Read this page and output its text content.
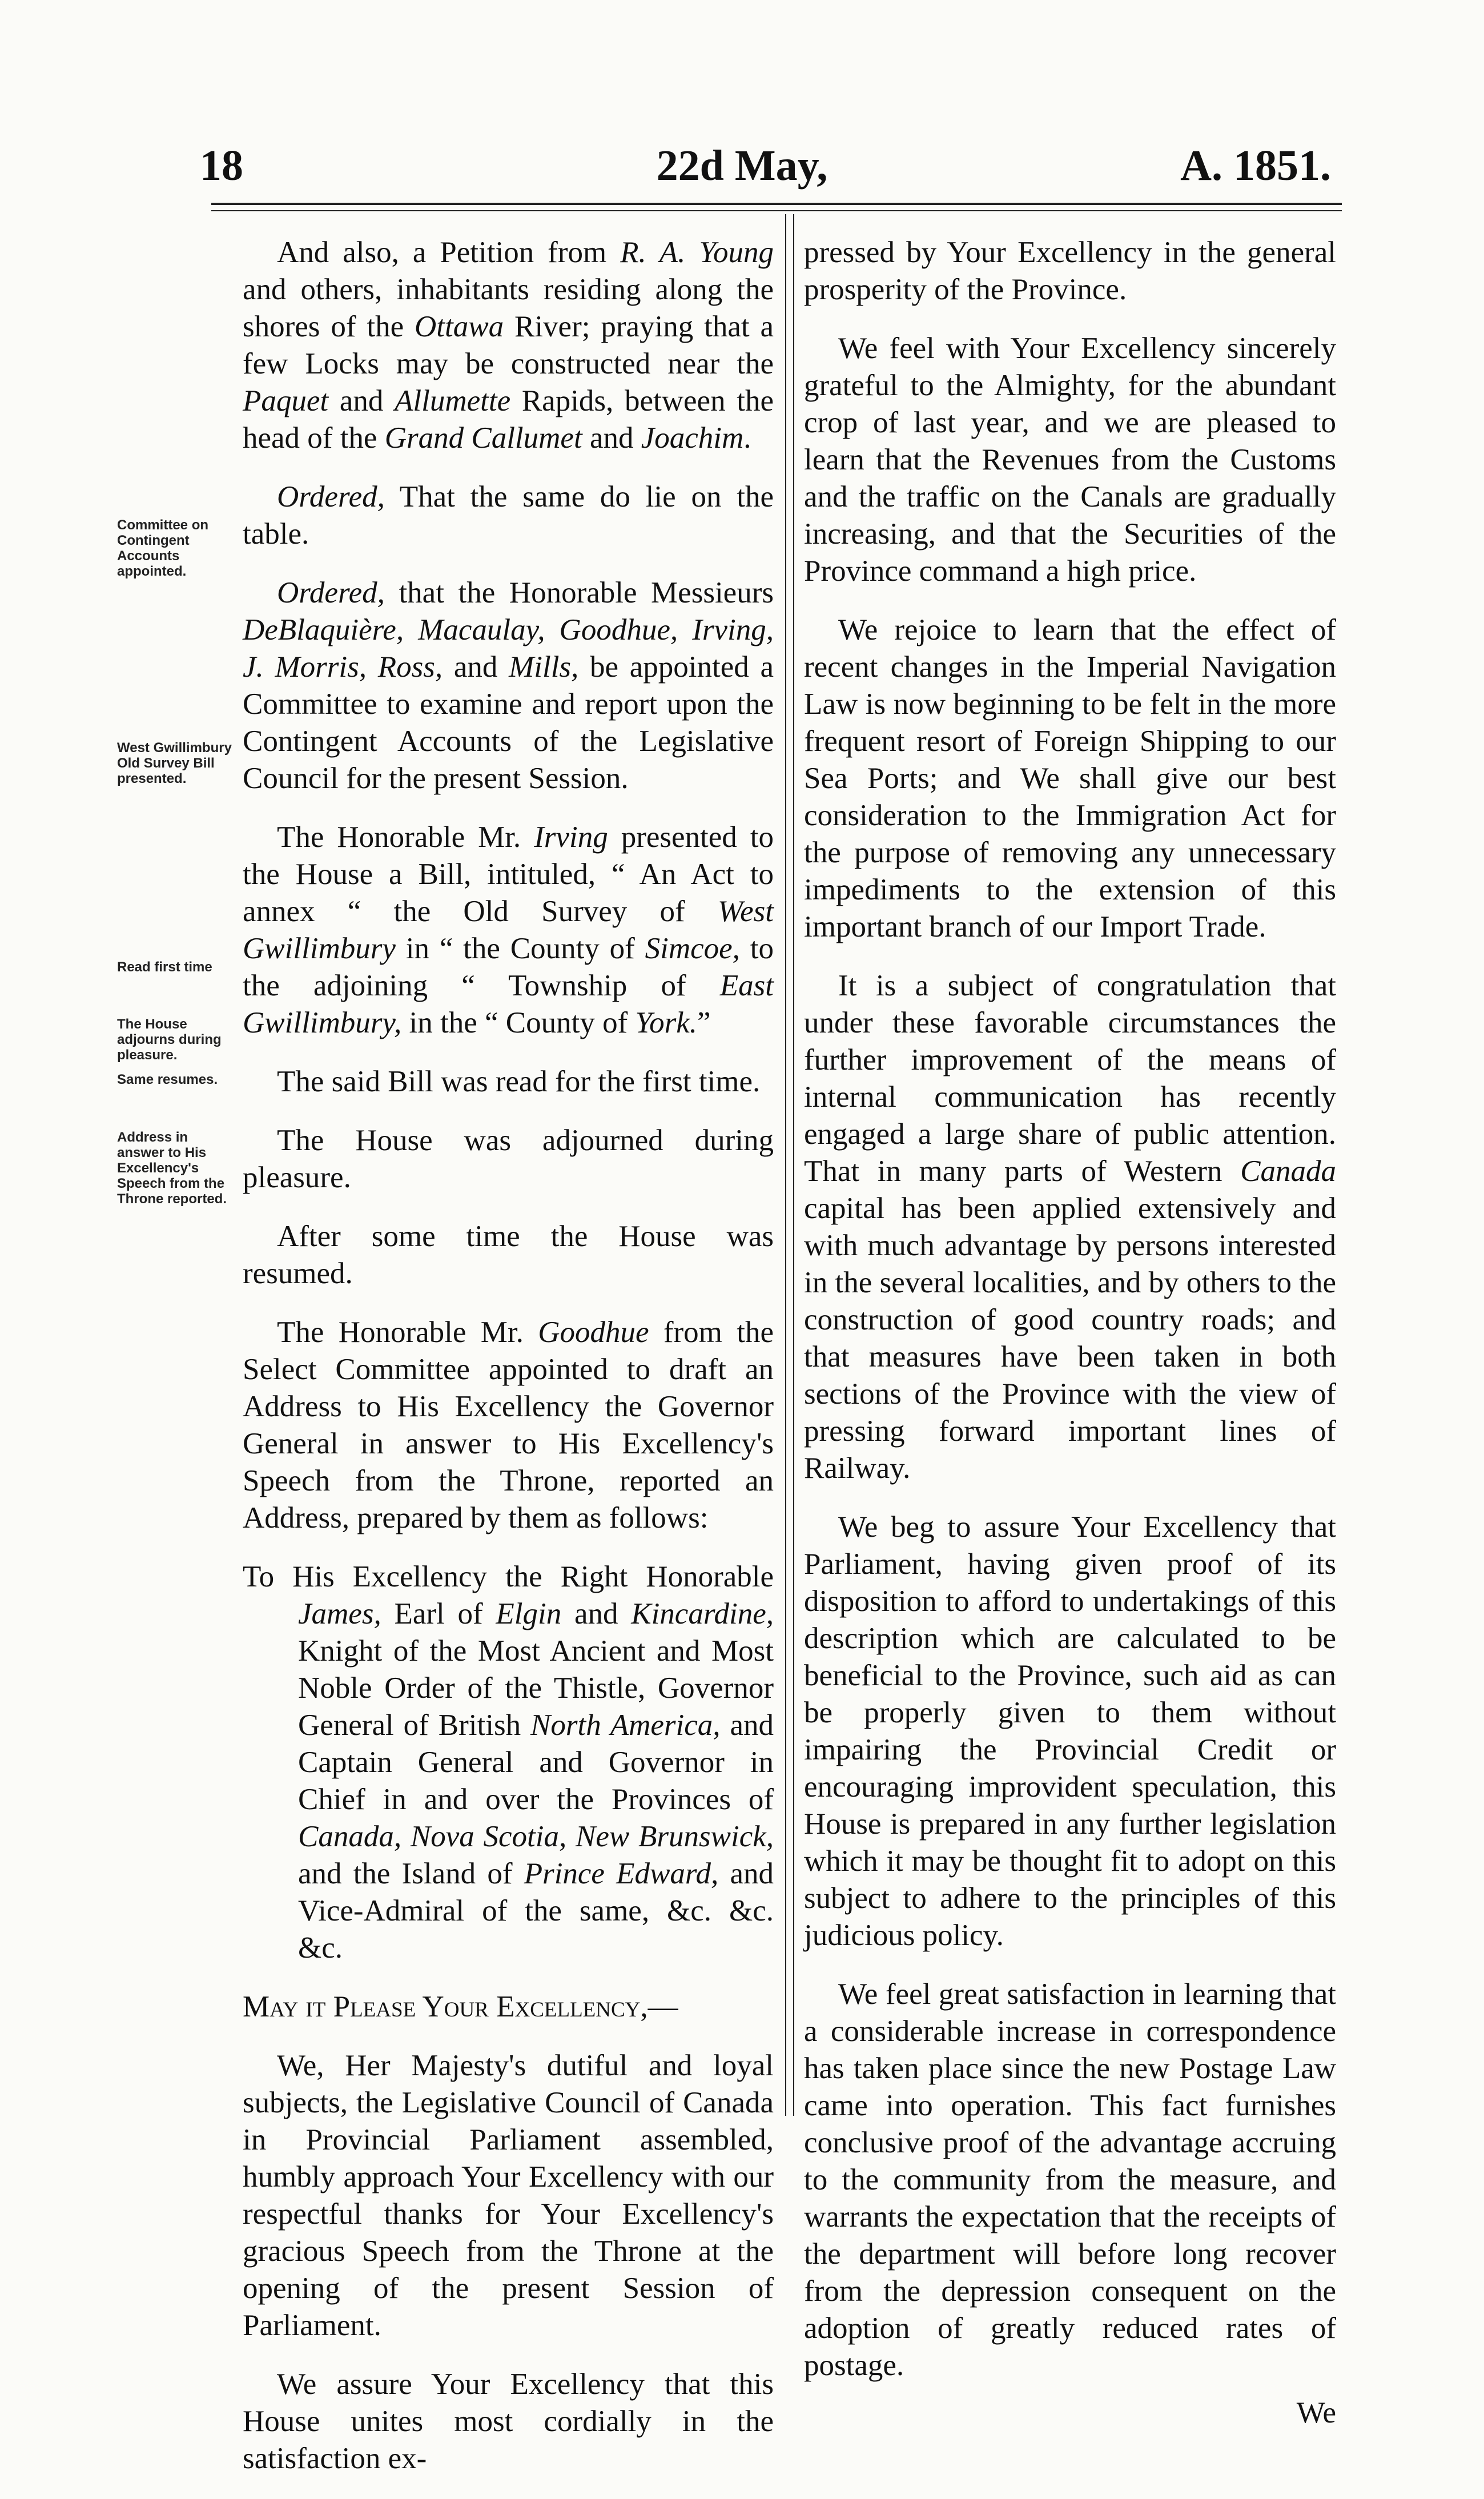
18	22d May,	A. 1851.
Committee on Contingent Accounts appointed.
West Gwillimbury Old Survey Bill presented.
Read first time
The House adjourns during pleasure.
Same resumes.
Address in answer to His Excellency's Speech from the Throne reported.

And also, a Petition from R. A. Young and others, inhabitants residing along the shores of the Ottawa River; praying that a few Locks may be constructed near the Paquet and Allumette Rapids, between the head of the Grand Callumet and Joachim.

Ordered, That the same do lie on the table.

Ordered, that the Honorable Messieurs DeBlaquière, Macaulay, Goodhue, Irving, J. Morris, Ross, and Mills, be appointed a Committee to examine and report upon the Contingent Accounts of the Legislative Council for the present Session.

The Honorable Mr. Irving presented to the House a Bill, intituled, “ An Act to annex “ the Old Survey of West Gwillimbury in “ the County of Simcoe, to the adjoining “ Township of East Gwillimbury, in the “ County of York.”

The said Bill was read for the first time.

The House was adjourned during pleasure.

After some time the House was resumed.

The Honorable Mr. Goodhue from the Select Committee appointed to draft an Address to His Excellency the Governor General in answer to His Excellency's Speech from the Throne, reported an Address, prepared by them as follows:

To His Excellency the Right Honorable James, Earl of Elgin and Kincardine, Knight of the Most Ancient and Most Noble Order of the Thistle, Governor General of British North America, and Captain General and Governor in Chief in and over the Provinces of Canada, Nova Scotia, New Brunswick, and the Island of Prince Edward, and Vice-Admiral of the same, &c. &c. &c.

May it Please Your Excellency,—

We, Her Majesty's dutiful and loyal subjects, the Legislative Council of Canada in Provincial Parliament assembled, humbly approach Your Excellency with our respectful thanks for Your Excellency's gracious Speech from the Throne at the opening of the present Session of Parliament.

We assure Your Excellency that this House unites most cordially in the satisfaction ex-

pressed by Your Excellency in the general prosperity of the Province.

We feel with Your Excellency sincerely grateful to the Almighty, for the abundant crop of last year, and we are pleased to learn that the Revenues from the Customs and the traffic on the Canals are gradually increasing, and that the Securities of the Province command a high price.

We rejoice to learn that the effect of recent changes in the Imperial Navigation Law is now beginning to be felt in the more frequent resort of Foreign Shipping to our Sea Ports; and We shall give our best consideration to the Immigration Act for the purpose of removing any unnecessary impediments to the extension of this important branch of our Import Trade.

It is a subject of congratulation that under these favorable circumstances the further improvement of the means of internal communication has recently engaged a large share of public attention. That in many parts of Western Canada capital has been applied extensively and with much advantage by persons interested in the several localities, and by others to the construction of good country roads; and that measures have been taken in both sections of the Province with the view of pressing forward important lines of Railway.

We beg to assure Your Excellency that Parliament, having given proof of its disposition to afford to undertakings of this description which are calculated to be beneficial to the Province, such aid as can be properly given to them without impairing the Provincial Credit or encouraging improvident speculation, this House is prepared in any further legislation which it may be thought fit to adopt on this subject to adhere to the principles of this judicious policy.

We feel great satisfaction in learning that a considerable increase in correspondence has taken place since the new Postage Law came into operation. This fact furnishes conclusive proof of the advantage accruing to the community from the measure, and warrants the expectation that the receipts of the department will before long recover from the depression consequent on the adoption of greatly reduced rates of postage.

We
